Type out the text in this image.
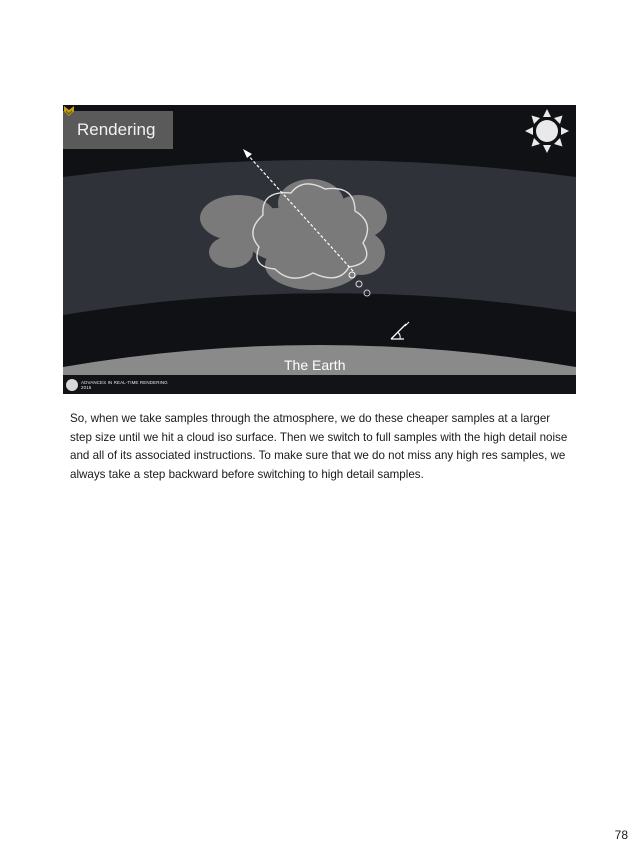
Rendering
The Earth
ADVANCES IN REAL-TIME RENDERING 2015

So, when we take samples through the atmosphere, we do these cheaper samples at a larger step size until we hit a cloud iso surface. Then we switch to full samples with the high detail noise and all of its associated instructions. To make sure that we do not miss any high res samples, we always take a step backward before switching to high detail samples.

78
